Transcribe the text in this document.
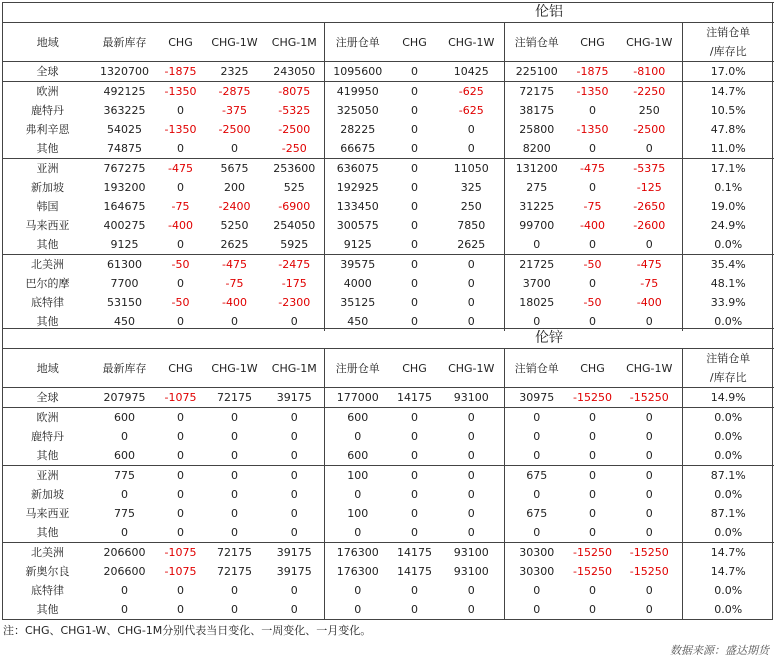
					伦铝						
地域	最新库存	CHG	CHG-1W	CHG-1M	注册仓单	CHG	CHG-1W	注销仓单	CHG	CHG-1W	注销仓单
/库存比
全球	1320700	-1875	2325	243050	1095600	0	10425	225100	-1875	-8100	17.0%
欧洲	492125	-1350	-2875	-8075	419950	0	-625	72175	-1350	-2250	14.7%
鹿特丹	363225	0	-375	-5325	325050	0	-625	38175	0	250	10.5%
弗利辛恩	54025	-1350	-2500	-2500	28225	0	0	25800	-1350	-2500	47.8%
其他	74875	0	0	-250	66675	0	0	8200	0	0	11.0%
亚洲	767275	-475	5675	253600	636075	0	11050	131200	-475	-5375	17.1%
新加坡	193200	0	200	525	192925	0	325	275	0	-125	0.1%
韩国	164675	-75	-2400	-6900	133450	0	250	31225	-75	-2650	19.0%
马来西亚	400275	-400	5250	254050	300575	0	7850	99700	-400	-2600	24.9%
其他	9125	0	2625	5925	9125	0	2625	0	0	0	0.0%
北美洲	61300	-50	-475	-2475	39575	0	0	21725	-50	-475	35.4%
巴尔的摩	7700	0	-75	-175	4000	0	0	3700	0	-75	48.1%
底特律	53150	-50	-400	-2300	35125	0	0	18025	-50	-400	33.9%
其他	450	0	0	0	450	0	0	0	0	0	0.0%
					伦锌						
地域	最新库存	CHG	CHG-1W	CHG-1M	注册仓单	CHG	CHG-1W	注销仓单	CHG	CHG-1W	注销仓单
/库存比
全球	207975	-1075	72175	39175	177000	14175	93100	30975	-15250	-15250	14.9%
欧洲	600	0	0	0	600	0	0	0	0	0	0.0%
鹿特丹	0	0	0	0	0	0	0	0	0	0	0.0%
其他	600	0	0	0	600	0	0	0	0	0	0.0%
亚洲	775	0	0	0	100	0	0	675	0	0	87.1%
新加坡	0	0	0	0	0	0	0	0	0	0	0.0%
马来西亚	775	0	0	0	100	0	0	675	0	0	87.1%
其他	0	0	0	0	0	0	0	0	0	0	0.0%
北美洲	206600	-1075	72175	39175	176300	14175	93100	30300	-15250	-15250	14.7%
新奥尔良	206600	-1075	72175	39175	176300	14175	93100	30300	-15250	-15250	14.7%
底特律	0	0	0	0	0	0	0	0	0	0	0.0%
其他	0	0	0	0	0	0	0	0	0	0	0.0%
注：CHG、CHG1-W、CHG-1M分别代表当日变化、一周变化、一月变化。
数据来源：盛达期货
